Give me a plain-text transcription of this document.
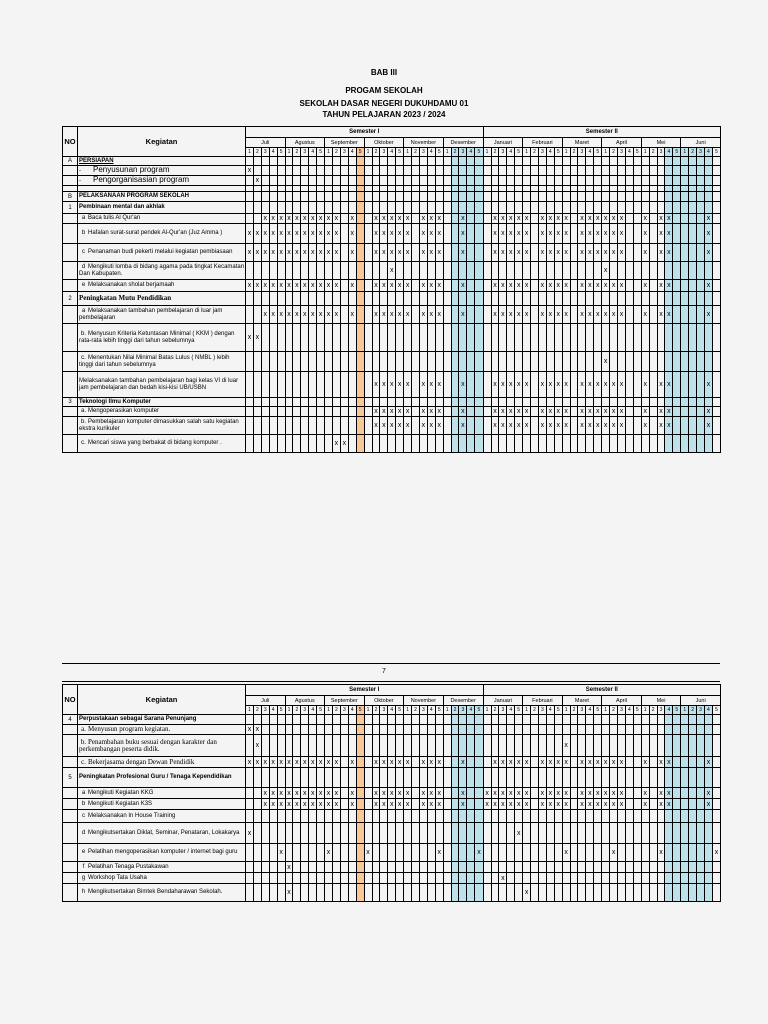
BAB III
PROGAM SEKOLAH
SEKOLAH DASAR NEGERI DUKUHDAMU 01
TAHUN PELAJARAN 2023 / 2024
NO	Kegiatan	Semester I																														Semester II																													
		Juli					Agustus					September					Oktober					November					Desember					Januari					Februari					Maret					April					Mei					Juni				
		1	2	3	4	5	1	2	3	4	5	1	2	3	4	5	1	2	3	4	5	1	2	3	4	5	1	2	3	4	5	1	2	3	4	5	1	2	3	4	5	1	2	3	4	5	1	2	3	4	5	1	2	3	4	5	1	2	3	4	5
A	PERSIAPAN																																																												
	- Penyusunan program	x																																																											
	- Pengorganisasian program		x																																																										

B	PELAKSANAAN PROGRAM SEKOLAH																																																												
1	Pembinaan mental dan akhlak																																																												
	a Baca tulis Al Qur'an			x	x	x	x	x	x	x	x	x	x		x			x	x	x	x	x		x	x	x			x				x	x	x	x	x		x	x	x	x		x	x	x	x	x	x			x		x	x					x	
	b Hafalan surat-surat pendek Al-Qur'an (Juz Amma )	x	x	x	x	x	x	x	x	x	x	x	x		x			x	x	x	x	x		x	x	x			x				x	x	x	x	x		x	x	x	x		x	x	x	x	x	x			x		x	x					x	
	c Penanaman budi pekerti melalui kegiatan pembiasaan	x	x	x	x	x	x	x	x	x	x	x	x		x			x	x	x	x	x		x	x	x			x				x	x	x	x	x		x	x	x	x		x	x	x	x	x	x			x		x	x					x	
	d Mengikuti lomba di bidang agama pada tingkat Kecamatan Dan Kabupaten.																			x																											x														
	e Melaksanakan sholat berjamaah	x	x	x	x	x	x	x	x	x	x	x	x		x			x	x	x	x	x		x	x	x			x				x	x	x	x	x		x	x	x	x		x	x	x	x	x	x			x		x	x					x	
2	Peningkatan Mutu Pendidikan																																																												
	a Melaksanakan tambahan pembelajaran di luar jam pembelajaran			x	x	x	x	x	x	x	x	x	x		x			x	x	x	x	x		x	x	x			x				x	x	x	x	x		x	x	x	x		x	x	x	x	x	x			x		x	x					x	
	b. Menyusun Kriteria Ketuntasan Minimal ( KKM ) dengan rata-rata lebih tinggi dari tahun sebelumnya	x	x																																																										
	c. Menentukan Nilai Minimal Batas Lulus ( NMBL ) lebih tinggi dari tahun sebelumnya																																														x														
	Melaksanakan tambahan pembelajaran bagi kelas VI di luar jam pembelajaran dan bedah kisi-kisi UB/USBN																	x	x	x	x	x		x	x	x			x				x	x	x	x	x		x	x	x	x		x	x	x	x	x	x			x		x	x					x	
3	Teknologi Ilmu Komputer																																																												
	a. Mengoperasikan komputer																	x	x	x	x	x		x	x	x			x				x	x	x	x	x		x	x	x	x		x	x	x	x	x	x			x		x	x					x	
	b. Pembelajaran komputer dimasukkan salah satu kegiatan ekstra kurikuler																	x	x	x	x	x		x	x	x			x				x	x	x	x	x		x	x	x	x		x	x	x	x	x	x			x		x	x					x	
	c. Mencari siswa yang berbakat di bidang komputer .												x	x																																															
7
NO	Kegiatan	Semester I																														Semester II																													
		Juli					Agustus					September					Oktober					November					Desember					Januari					Februari					Maret					April					Mei					Juni				
		1	2	3	4	5	1	2	3	4	5	1	2	3	4	5	1	2	3	4	5	1	2	3	4	5	1	2	3	4	5	1	2	3	4	5	1	2	3	4	5	1	2	3	4	5	1	2	3	4	5	1	2	3	4	5	1	2	3	4	5
4	Perpustakaan sebagai Sarana Penunjang																																																												
	a. Menyusun program kegiatan.	x	x																																																										
	b. Penambahan buku sesuai dengan karakter dan perkembangan peserta didik.		x																																							x																			
	c. Bekerjasama dengan Dewan Pendidik	x	x	x	x	x	x	x	x	x	x	x	x		x			x	x	x	x	x		x	x	x			x				x	x	x	x	x		x	x	x	x		x	x	x	x	x	x			x		x	x					x	
5	Peningkatan Profesional Guru / Tenaga Kependidikan																																																												
	a Mengikuti Kegiatan KKG			x	x	x	x	x	x	x	x	x	x		x			x	x	x	x	x		x	x	x			x			x	x	x	x	x	x		x	x	x	x		x	x	x	x	x	x			x		x	x					x	
	b Mengikuti Kegiatan K3S			x	x	x	x	x	x	x	x	x	x		x			x	x	x	x	x		x	x	x			x			x	x	x	x	x	x		x	x	x	x		x	x	x	x	x	x			x		x	x					x	
	c Melaksanakan In House Training																																																												
	d Mengikutsertakan Diklat, Seminar, Penataran, Lokakarya	x																																		x																									
	e Pelatihan mengoperasikan komputer / internet bagi guru					x						x					x									x					x											x						x						x							x
	f Pelatihan Tenaga Pustakawan						x																																																						
	g Workshop Tata Usaha																																	x																											
	h Mengikutsertakan Bimtek Bendaharawan Sekolah.						x																														x																								
